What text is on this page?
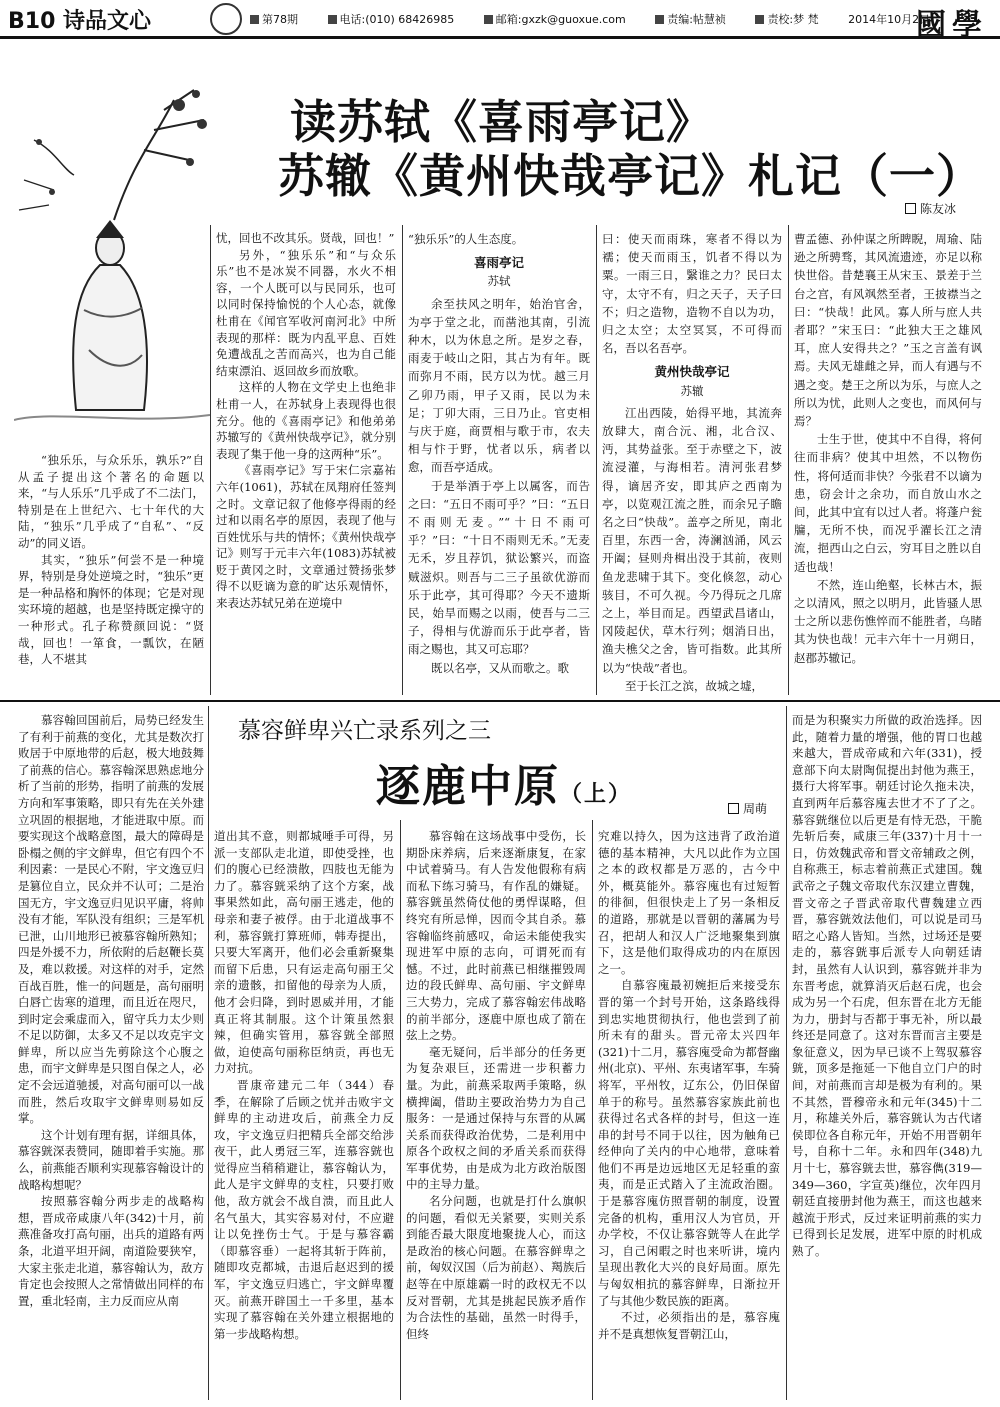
B10 诗品文心	第78期	电话:(010) 68426985	邮箱:gxzk@guoxue.com	责编:帖慧祯	责校:梦 梵	2014年10月2日
國學
读苏轼《喜雨亭记》
苏辙《黄州快哉亭记》札记（一）
陈友冰

“独乐乐，与众乐乐，孰乐?”自从孟子提出这个著名的命题以来，“与人乐乐”几乎成了不二法门，特别是在上世纪六、七十年代的大陆，“独乐”几乎成了“自私”、“反动”的同义语。

其实，“独乐”何尝不是一种境界，特别是身处逆境之时，“独乐”更是一种品格和胸怀的体现；它是对现实环境的超越，也是坚持既定操守的一种形式。孔子称赞颜回说：“贤哉，回也！一箪食，一瓢饮，在陋巷，人不堪其

忧，回也不改其乐。贤哉，回也！”

另外，“独乐乐”和“与众乐乐”也不是冰炭不同器，水火不相容，一个人既可以与民同乐，也可以同时保持愉悦的个人心态，就像杜甫在《闻官军收河南河北》中所表现的那样：既为内乱平息、百姓免遭战乱之苦而高兴，也为自己能结束漂泊、返回故乡而放歌。

这样的人物在文学史上也绝非杜甫一人，在苏轼身上表现得也很充分。他的《喜雨亭记》和他弟弟苏辙写的《黄州快哉亭记》，就分别表现了集于他一身的这两种“乐”。

《喜雨亭记》写于宋仁宗嘉祐六年(1061)，苏轼在凤翔府任签判之时。文章记叙了他修亭得雨的经过和以雨名亭的原因，表现了他与百姓忧乐与共的情怀；《黄州快哉亭记》则写于元丰六年(1083)苏轼被贬于黄冈之时，文章通过赞扬张梦得不以贬谪为意的旷达乐观情怀，来表达苏轼兄弟在逆境中

“独乐乐”的人生态度。

喜雨亭记
苏轼

余至扶风之明年，始治官舍，为亭于堂之北，而凿池其南，引流种木，以为休息之所。是岁之春，雨麦于岐山之阳，其占为有年。既而弥月不雨，民方以为忧。越三月乙卯乃雨，甲子又雨，民以为未足；丁卯大雨，三日乃止。官吏相与庆于庭，商贾相与歌于市，农夫相与忭于野，忧者以乐，病者以愈，而吾亭适成。

于是举酒于亭上以属客，而告之曰：“五日不雨可乎？”曰：“五日不雨则无麦。”“十日不雨可乎？”曰：“十日不雨则无禾。”无麦无禾，岁且荐饥，狱讼繁兴，而盗贼滋炽。则吾与二三子虽欲优游而乐于此亭，其可得耶？今天不遗斯民，始旱而赐之以雨，使吾与二三子，得相与优游而乐于此亭者，皆雨之赐也，其又可忘耶？

既以名亭，又从而歌之。歌

曰：使天而雨珠，寒者不得以为襦；使天而雨玉，饥者不得以为粟。一雨三日，繄谁之力？民曰太守，太守不有，归之天子，天子曰不；归之造物，造物不自以为功，归之太空；太空冥冥，不可得而名，吾以名吾亭。

黄州快哉亭记
苏辙

江出西陵，始得平地，其流奔放肆大，南合沅、湘，北合汉、沔，其势益张。至于赤壁之下，波流浸灌，与海相若。清河张君梦得，谪居齐安，即其庐之西南为亭，以览观江流之胜，而余兄子瞻名之曰“快哉”。盖亭之所见，南北百里，东西一舍，涛澜汹涌，风云开阖；昼则舟楫出没于其前，夜则鱼龙悲啸于其下。变化倏忽，动心骇目，不可久视。今乃得玩之几席之上，举目而足。西望武昌诸山，冈陵起伏，草木行列；烟消日出，渔夫樵父之舍，皆可指数。此其所以为“快哉”者也。

至于长江之滨，故城之墟，

曹孟德、孙仲谋之所睥睨，周瑜、陆逊之所骋骛，其风流遗迹，亦足以称快世俗。昔楚襄王从宋玉、景差于兰台之宫，有风飒然至者，王披襟当之曰：“快哉！此风。寡人所与庶人共者耶？”宋玉曰：“此独大王之雄风耳，庶人安得共之？”玉之言盖有讽焉。夫风无雄雌之异，而人有遇与不遇之变。楚王之所以为乐，与庶人之所以为忧，此则人之变也，而风何与焉？

士生于世，使其中不自得，将何往而非病？使其中坦然，不以物伤性，将何适而非快？今张君不以谪为患，窃会计之余功，而自放山水之间，此其中宜有以过人者。将蓬户瓮牖，无所不快，而况乎濯长江之清流，挹西山之白云，穷耳目之胜以自适也哉！

不然，连山绝壑，长林古木，振之以清风，照之以明月，此皆骚人思士之所以悲伤憔悴而不能胜者，乌睹其为快也哉！元丰六年十一月朔日，赵郡苏辙记。

慕容鲜卑兴亡录系列之三
逐鹿中原（上）
周萌

慕容翰回国前后，局势已经发生了有利于前燕的变化，尤其是数次打败居于中原地带的后赵，极大地鼓舞了前燕的信心。慕容翰深思熟虑地分析了当前的形势，指明了前燕的发展方向和军事策略，即只有先在关外建立巩固的根据地，才能进取中原。而要实现这个战略意图，最大的障碍是卧榻之侧的宇文鲜卑，但它有四个不利因素：一是民心不附，宇文逸豆归是篡位自立，民众并不认可；二是治国无方，宇文逸豆归见识平庸，将帅没有才能，军队没有组织；三是军机已泄，山川地形已被慕容翰所熟知；四是外援不力，所依附的后赵鞭长莫及，难以救援。对这样的对手，定然百战百胜，惟一的问题是，高句丽明白唇亡齿寒的道理，而且近在咫尺，到时定会乘虚而入，留守兵力太少则不足以防御，太多又不足以攻克宇文鲜卑，所以应当先剪除这个心腹之患，而宇文鲜卑是只图自保之人，必定不会远道驰援，对高句丽可以一战而胜，然后攻取宇文鲜卑则易如反掌。

这个计划有理有据，详细具体，慕容皝深表赞同，随即着手实施。那么，前燕能否顺利实现慕容翰设计的战略构想呢？

按照慕容翰分两步走的战略构想，晋成帝咸康八年(342)十月，前燕准备攻打高句丽，出兵的道路有两条，北道平坦开阔，南道险要狭窄，大家主张走北道，慕容翰认为，敌方肯定也会按照人之常情做出同样的布置，重北轻南，主力反而应从南

道出其不意，则都城唾手可得，另派一支部队走北道，即使受挫，也们的腹心已经溃散，四肢也无能为力了。慕容皝采纳了这个方案，战事果然如此，高句丽王逃走，他的母亲和妻子被俘。由于北道战事不利，慕容皝打算班师，韩寿提出，只要大军离开，他们必会重新聚集而留下后患，只有运走高句丽王父亲的遗骸，扣留他的母亲为人质，他才会归降，到时恩威并用，才能真正将其制服。这个计策虽然狠辣，但确实管用，慕容皝全部照做，迫使高句丽称臣纳贡，再也无力对抗。

晋康帝建元二年（344）春季，在解除了后顾之忧并击败宇文鲜卑的主动进攻后，前燕全力反攻，宇文逸豆归把精兵全部交给涉夜干，此人勇冠三军，连慕容皝也觉得应当稍稍避让，慕容翰认为，此人是宇文鲜卑的支柱，只要打败他，敌方就会不战自溃，而且此人名气虽大，其实容易对付，不应避让以免挫伤士气。于是与慕容霸（即慕容垂）一起将其斩于阵前，随即攻克都城，击退后赵迟到的援军，宇文逸豆归逃亡，宇文鲜卑覆灭。前燕开辟国土一千多里，基本实现了慕容翰在关外建立根据地的第一步战略构想。

慕容翰在这场战事中受伤，长期卧床养病，后来逐渐康复，在家中试着骑马。有人告发他假称有病而私下练习骑马，有作乱的嫌疑。慕容皝虽然倚仗他的勇悍谋略，但终究有所忌惮，因而令其自杀。慕容翰临终前感叹，命运未能使我实现进军中原的志向，可谓死而有憾。不过，此时前燕已相继摧毁周边的段氏鲜卑、高句丽、宇文鲜卑三大势力，完成了慕容翰宏伟战略的前半部分，逐鹿中原也成了箭在弦上之势。

毫无疑问，后半部分的任务更为复杂艰巨，还需进一步积蓄力量。为此，前燕采取两手策略，纵横捭阖，借助主要政治势力为自己服务：一是通过保持与东晋的从属关系而获得政治优势，二是利用中原各个政权之间的矛盾关系而获得军事优势，由是成为北方政治版图中的主导力量。

名分问题，也就是打什么旗帜的问题，看似无关紧要，实则关系到能否最大限度地聚拢人心，而这是政治的核心问题。在慕容鲜卑之前，匈奴汉国（后为前赵）、羯族后赵等在中原雄霸一时的政权无不以反对晋朝，尤其是挑起民族矛盾作为合法性的基础，虽然一时得手，但终

究难以持久，因为这违背了政治道德的基本精神，大凡以此作为立国之本的政权都是万恶的，古今中外，概莫能外。慕容廆也有过短暂的徘徊，但很快走上了另一条相反的道路，那就是以晋朝的藩属为号召，把胡人和汉人广泛地聚集到旗下，这是他们取得成功的内在原因之一。

自慕容廆最初婉拒后来接受东晋的第一个封号开始，这条路线得到忠实地贯彻执行，他也尝到了前所未有的甜头。晋元帝太兴四年(321)十二月，慕容廆受命为都督幽州(北京)、平州、东夷诸军事，车骑将军，平州牧，辽东公，仍旧保留单于的称号。虽然慕容家族此前也获得过名式各样的封号，但这一连串的封号不同于以往，因为触角已经伸向了关内的中心地带，意味着他们不再是边远地区无足轻重的蛮夷，而是正式踏入了主流政治圈。于是慕容廆仿照晋朝的制度，设置完备的机构，重用汉人为官员，开办学校，不仅让慕容皝等人在此学习，自己闲暇之时也来听讲，境内呈现出教化大兴的良好局面。原先与匈奴相抗的慕容鲜卑，日渐拉开了与其他少数民族的距离。

不过，必须指出的是，慕容廆并不是真想恢复晋朝江山，

而是为积聚实力所做的政治选择。因此，随着力量的增强，他的胃口也越来越大，晋成帝咸和六年(331)，授意部下向太尉陶侃提出封他为燕王，摄行大将军事。朝廷讨论久拖未决，直到两年后慕容廆去世才不了了之。慕容皝继位以后更是有恃无恐，干脆先斩后奏，咸康三年(337)十月十一日，仿效魏武帝和晋文帝辅政之例，自称燕王，标志着前燕正式建国。魏武帝之子魏文帝取代东汉建立曹魏，晋文帝之子晋武帝取代曹魏建立西晋，慕容皝效法他们，可以说是司马昭之心路人皆知。当然，过场还是要走的，慕容皝事后派专人向朝廷请封，虽然有人认识到，慕容皝并非为东晋考虑，就算消灭后赵石虎，也会成为另一个石虎，但东晋在北方无能为力，册封与否都于事无补，所以最终还是同意了。这对东晋而言主要是象征意义，因为早已谈不上驾驭慕容皝，顶多是拖延一下他自立门户的时间，对前燕而言却是极为有利的。果不其然，晋穆帝永和元年(345)十二月，称雄关外后，慕容皝认为古代诸侯即位各自称元年，开始不用晋朝年号，自称十二年。永和四年(348)九月十七，慕容皝去世，慕容儁(319—349—360，字宣英)继位，次年四月朝廷直接册封他为燕王，而这也越来越流于形式，反过来证明前燕的实力已得到长足发展，进军中原的时机成熟了。
